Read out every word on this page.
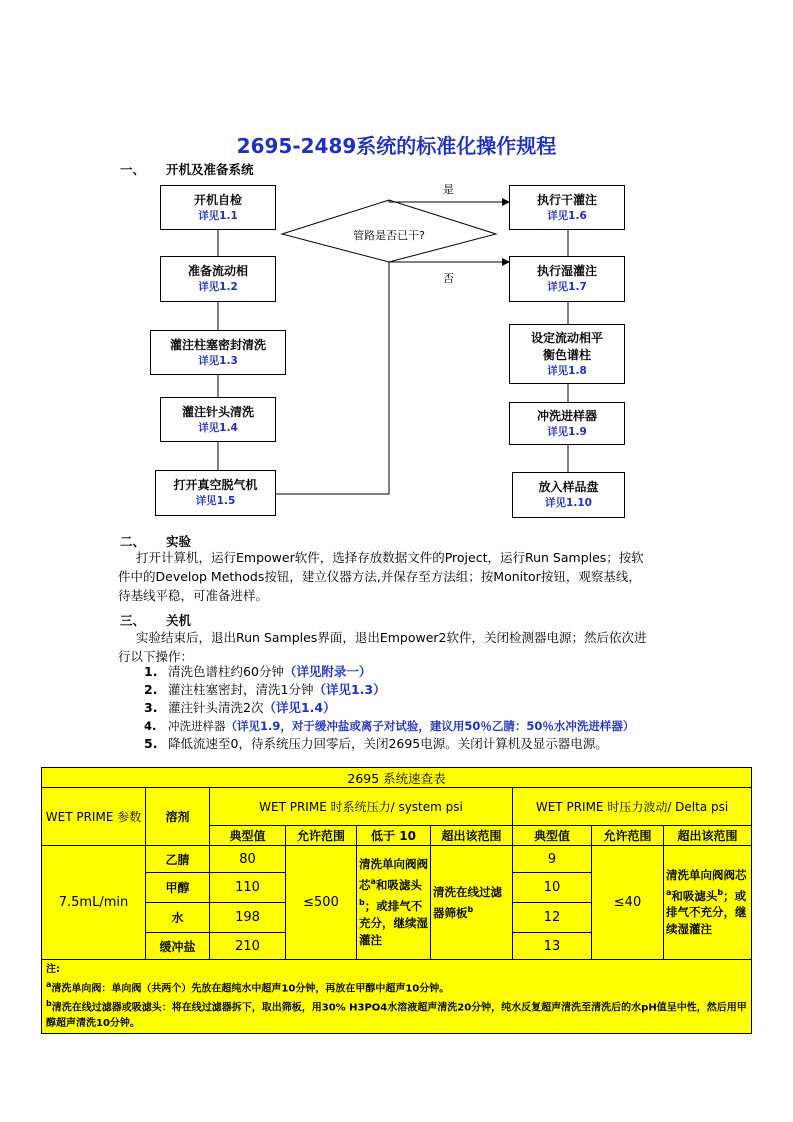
2695-2489系统的标准化操作规程
一、 开机及准备系统
管路是否已干?
是
否
开机自检
详见1.1
准备流动相
详见1.2
灌注柱塞密封清洗
详见1.3
灌注针头清洗
详见1.4
打开真空脱气机
详见1.5
执行干灌注
详见1.6
执行湿灌注
详见1.7
设定流动相平
衡色谱柱
详见1.8
冲洗进样器
详见1.9
放入样品盘
详见1.10
二、 实验
打开计算机，运行Empower软件，选择存放数据文件的Project，运行Run Samples；按软
件中的Develop Methods按钮，建立仪器方法,并保存至方法组；按Monitor按钮，观察基线，
待基线平稳，可准备进样。
三、 关机
实验结束后，退出Run Samples界面，退出Empower2软件，关闭检测器电源；然后依次进
行以下操作：
1. 清洗色谱柱约60分钟（详见附录一）
2. 灌注柱塞密封，清洗1分钟（详见1.3）
3. 灌注针头清洗2次（详见1.4）
4. 冲洗进样器（详见1.9，对于缓冲盐或离子对试验，建议用50％乙腈：50％水冲洗进样器）
5. 降低流速至0，待系统压力回零后，关闭2695电源。关闭计算机及显示器电源。
2695 系统速查表								
WET PRIME 参数	溶剂	WET PRIME 时系统压力/ system psi				WET PRIME 时压力波动/ Delta psi		
		典型值	允许范围	低于 10	超出该范围	典型值	允许范围	超出该范围
7.5mL/min	乙腈	80	≤500	清洗单向阀阀芯$^a$和吸滤头$^b$；或排气不充分，继续湿灌注	清洗在线过滤器筛板$^b$	9	≤40	清洗单向阀阀芯$^a$和吸滤头$^b$；或排气不充分，继续湿灌注
	甲醇	110				10		
	水	198				12		
	缓冲盐	210				13		

注:
$^a$清洗单向阀：单向阀（共两个）先放在超纯水中超声10分钟，再放在甲醇中超声10分钟。
$^b$清洗在线过滤器或吸滤头：将在线过滤器拆下，取出筛板，用30% H3PO4水溶液超声清洗20分钟，纯水反复超声清洗至清洗后的水pH值呈中性，然后用甲醇超声清洗10分钟。								
